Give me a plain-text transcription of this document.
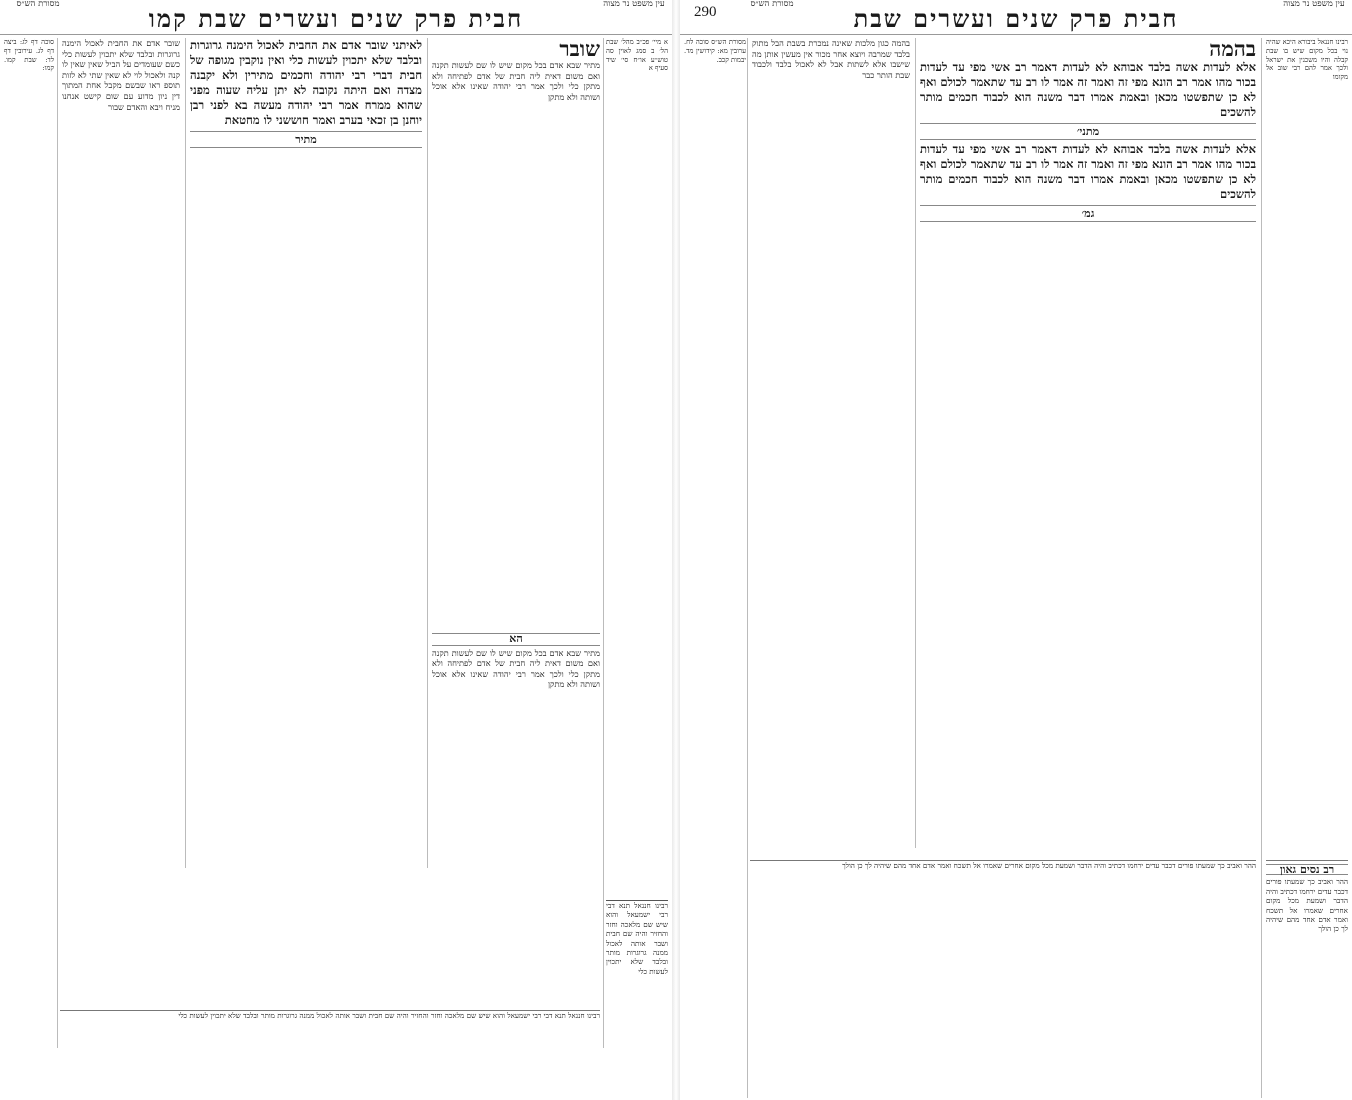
עין משפט נר מצוה
מסורת הש״ס	חבית פרק שנים ועשרים שבת קמו
א מיי׳ פכ״ב מהל׳ שבת הל׳ ב סמג לאוין סה טוש״ע או״ח סי׳ שיד סעיף א
שובר
מתיר שבא אדם בכל מקום שיש לו שם לעשות תקנה ואם משום דאית ליה חבית של אדם לפתיחה ולא מתקן כלי ולכך אמר רבי יהודה שאינו אלא אוכל ושותה ולא מתקן
לאיתני שובר אדם את החבית לאכול הימנה גרוגרות ובלבד שלא יתכוין לעשות כלי ואין נוקבין מגופה של חבית דברי רבי יהודה וחכמים מתירין ולא יקבנה מצדה ואם היתה נקובה לא יתן עליה שעוה מפני שהוא ממרח אמר רבי יהודה מעשה בא לפני רבן יוחנן בן זכאי בערב ואמר חוששני לו מחטאת
מתיר
שובר אדם את החבית לאכול הימנה גרוגרות ובלבד שלא יתכוין לעשות כלי כשם שעומדים על הביל שאין שאין לו קנה ולאכול לוי לא שאין שתי לא לזות תוספ ראו שבשם מקבל אחת המתוך דין ניון מדוע עם שום קישט אנחנו מניח ויבא והאדם שבור
סוכה דף לג: ביצה דף לג. עירובין דף לד: שבת קמו. קמו:
הא
מתיר שבא אדם בכל מקום שיש לו שם לעשות תקנה ואם משום דאית ליה חבית של אדם לפתיחה ולא מתקן כלי ולכך אמר רבי יהודה שאינו אלא אוכל ושותה ולא מתקן
רבינו חננאל תנא דבי רבי ישמעאל והוא שיש שם מלאכה וחזר והחזיר והיה שם חבית ושבר אותה לאכול ממנה גרוגרות מותר ובלבד שלא יתכוין לעשות כלי
רבינו חננאל תנא דבי רבי ישמעאל והוא שיש שם מלאכה וחזר והחזיר והיה שם חבית ושבר אותה לאכול ממנה גרוגרות מותר ובלבד שלא יתכוין לעשות כלי
290	עין משפט נר מצוה
מסורת הש״ס	חבית פרק שנים ועשרים שבת
רבינו חננאל ביבורא היכא שהיה נוי בכל מקום שיש בו שבת קבלה והיו משכנין את ישראל ולכך אמר להם רבי שוב אל מקומו
בהמה
אלא לעדות אשה בלבד אבוהא לא לעדות דאמר רב אשי מפי עד לעדות בכור מהו אמר רב הונא מפי זה ואמר זה אמר לו רב עד שתאמר לכולם ואף לא כן שתפשטו מכאן ובאמת אמרו דבר משנה הוא לכבוד חכמים מותר להשכים
מתני׳
אלא לעדות אשה בלבד אבוהא לא לעדות דאמר רב אשי מפי עד לעדות בכור מהו אמר רב הונא מפי זה ואמר זה אמר לו רב עד שתאמר לכולם ואף לא כן שתפשטו מכאן ובאמת אמרו דבר משנה הוא לכבוד חכמים מותר להשכים
גמ׳
בהמה כגון מלכות שאינה נמכרת בשבת הבל מתוק בלבד שמרבה ויוצא אחר מכור אין מעשין אותן מה שישבו אלא לשתות אבל לא לאכול בלבד ולכבוד שבת הותר כבר
מסורת הש״ס סוכה לח. ערובין מא: קידושין מד. יבמות קכב.
ההר ואביב כך שמעתו פורים דכבר עדים ירחמו דכתיב והיה הדבר ושמעת מכל מקום אחרים שאמרו אל תשכח ואמר אדם אחד מהם שיהיה לך כן הולך	רב נסים גאון
ההר ואביב כך שמעתו פורים דכבר עדים ירחמו דכתיב והיה הדבר ושמעת מכל מקום אחרים שאמרו אל תשכח ואמר אדם אחד מהם שיהיה לך כן הולך
